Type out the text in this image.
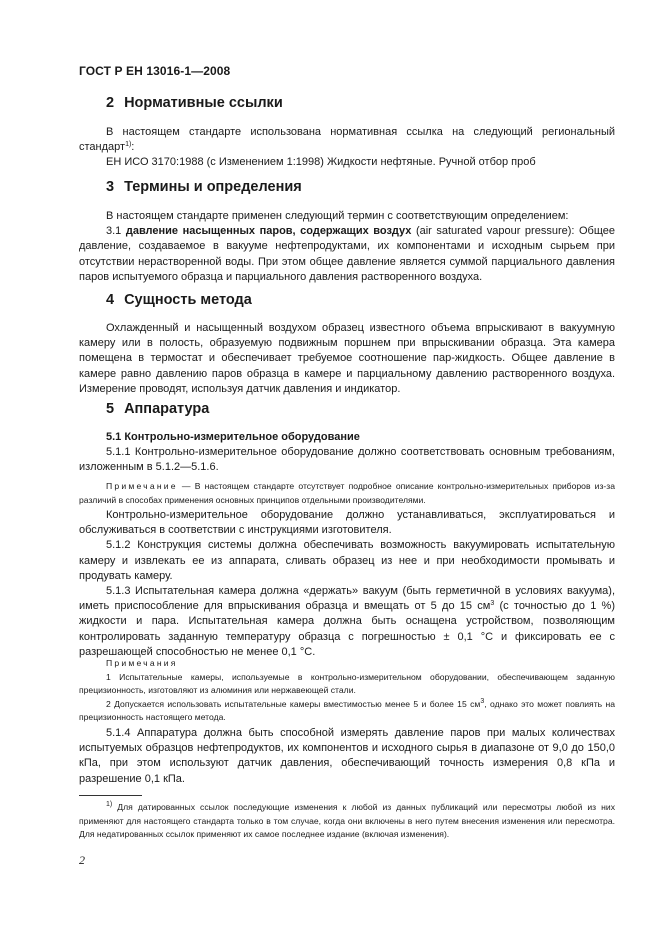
ГОСТ Р ЕН 13016-1—2008
2 Нормативные ссылки

В настоящем стандарте использована нормативная ссылка на следующий региональный стандарт$^{1)}$:

ЕН ИСО 3170:1988 (с Изменением 1:1998) Жидкости нефтяные. Ручной отбор проб

3 Термины и определения

В настоящем стандарте применен следующий термин с соответствующим определением:

3.1 давление насыщенных паров, содержащих воздух (air saturated vapour pressure): Общее давление, создаваемое в вакууме нефтепродуктами, их компонентами и исходным сырьем при отсутствии нерастворенной воды. При этом общее давление является суммой парциального давления паров испытуемого образца и парциального давления растворенного воздуха.

4 Сущность метода

Охлажденный и насыщенный воздухом образец известного объема впрыскивают в вакуумную камеру или в полость, образуемую подвижным поршнем при впрыскивании образца. Эта камера помещена в термостат и обеспечивает требуемое соотношение пар-жидкость. Общее давление в камере равно давлению паров образца в камере и парциальному давлению растворенного воздуха. Измерение проводят, используя датчик давления и индикатор.

5 Аппаратура

5.1 Контрольно-измерительное оборудование

5.1.1 Контрольно-измерительное оборудование должно соответствовать основным требованиям, изложенным в 5.1.2—5.1.6.

Примечание — В настоящем стандарте отсутствует подробное описание контрольно-измерительных приборов из-за различий в способах применения основных принципов отдельными производителями.

Контрольно-измерительное оборудование должно устанавливаться, эксплуатироваться и обслуживаться в соответствии с инструкциями изготовителя.

5.1.2 Конструкция системы должна обеспечивать возможность вакуумировать испытательную камеру и извлекать ее из аппарата, сливать образец из нее и при необходимости промывать и продувать камеру.

5.1.3 Испытательная камера должна «держать» вакуум (быть герметичной в условиях вакуума), иметь приспособление для впрыскивания образца и вмещать от 5 до 15 $см^3$ (с точностью до 1 %) жидкости и пара. Испытательная камера должна быть оснащена устройством, позволяющим контролировать заданную температуру образца с погрешностью ± 0,1 °С и фиксировать ее с разрешающей способностью не менее 0,1 °С.

Примечания

1 Испытательные камеры, используемые в контрольно-измерительном оборудовании, обеспечивающем заданную прецизионность, изготовляют из алюминия или нержавеющей стали.

2 Допускается использовать испытательные камеры вместимостью менее 5 и более 15 $см^3$, однако это может повлиять на прецизионность настоящего метода.

5.1.4 Аппаратура должна быть способной измерять давление паров при малых количествах испытуемых образцов нефтепродуктов, их компонентов и исходного сырья в диапазоне от 9,0 до 150,0 кПа, при этом используют датчик давления, обеспечивающий точность измерения 0,8 кПа и разрешение 0,1 кПа.

$^{1)}$ Для датированных ссылок последующие изменения к любой из данных публикаций или пересмотры любой из них применяют для настоящего стандарта только в том случае, когда они включены в него путем внесения изменения или пересмотра. Для недатированных ссылок применяют их самое последнее издание (включая изменения).

2
